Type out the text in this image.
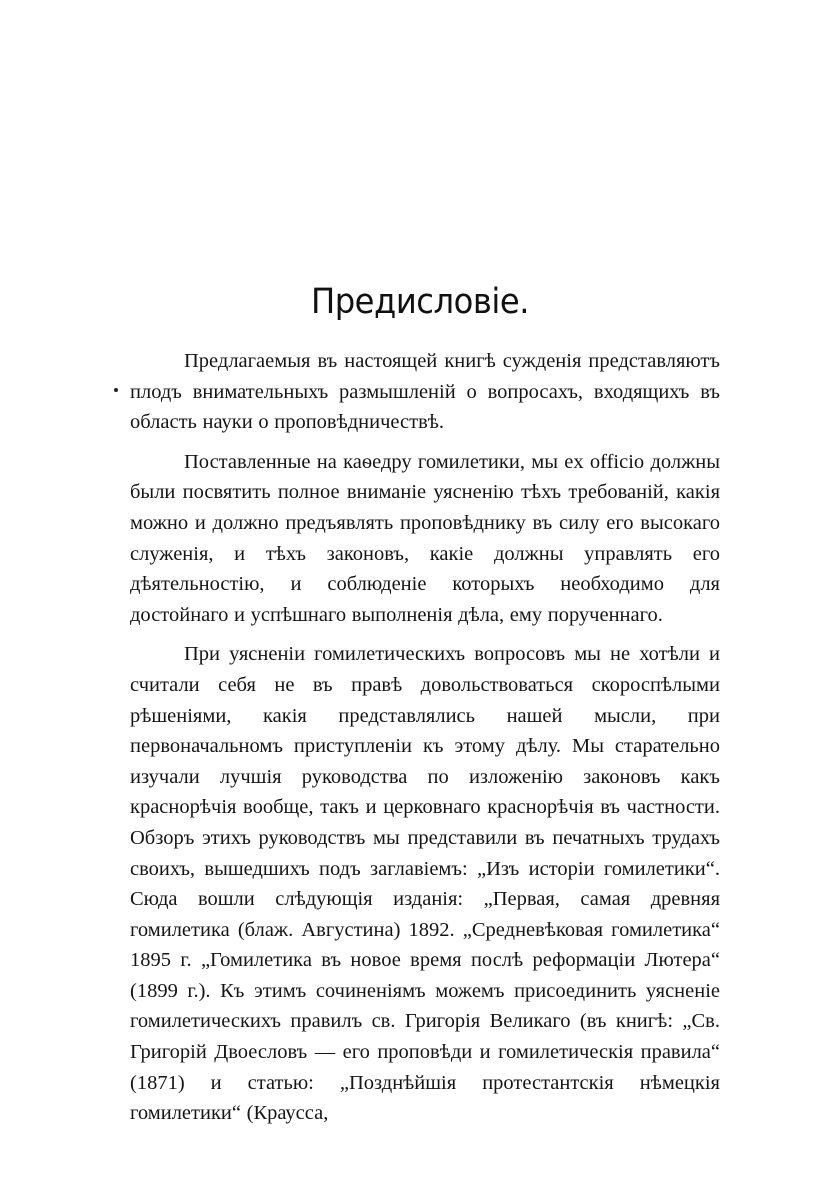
Предисловіе.

Предлагаемыя въ настоящей книгѣ сужденія представляютъ плодъ внимательныхъ размышленій о вопросахъ, входящихъ въ область науки о проповѣдничествѣ.

Поставленные на каѳедру гомилетики, мы ex officio должны были посвятить полное вниманіе уясненію тѣхъ требованій, какія можно и должно предъявлять проповѣднику въ силу его высокаго служенія, и тѣхъ законовъ, какіе должны управлять его дѣятельностію, и соблюденіе которыхъ необходимо для достойнаго и успѣшнаго выполненія дѣла, ему порученнаго.

При уясненіи гомилетическихъ вопросовъ мы не хотѣли и считали себя не въ правѣ довольствоваться скороспѣлыми рѣшеніями, какія представлялись нашей мысли, при первоначальномъ приступленіи къ этому дѣлу. Мы старательно изучали лучшія руководства по изложенію законовъ какъ краснорѣчія вообще, такъ и церковнаго краснорѣчія въ частности. Обзоръ этихъ руководствъ мы представили въ печатныхъ трудахъ своихъ, вышедшихъ подъ заглавіемъ: „Изъ исторіи гомилетики“. Сюда вошли слѣдующія изданія: „Первая, самая древняя гомилетика (блаж. Августина) 1892. „Средневѣковая гомилетика“ 1895 г. „Гомилетика въ новое время послѣ реформаціи Лютера“ (1899 г.). Къ этимъ сочиненіямъ можемъ присоединить уясненіе гомилетическихъ правилъ св. Григорія Великаго (въ книгѣ: „Св. Григорій Двоесловъ — его проповѣди и гомилетическія правила“ (1871) и статью: „Позднѣйшія протестантскія нѣмецкія гомилетики“ (Краусса,
